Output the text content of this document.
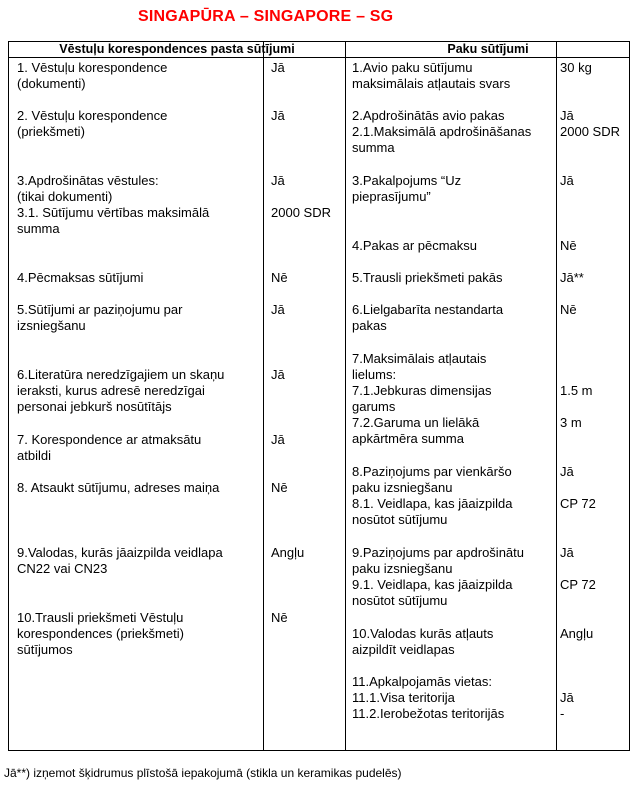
SINGAPŪRA – SINGAPORE – SG
Vēstuļu korespondences pasta sūtījumi	Paku sūtījumi
1. Vēstuļu korespondence
(dokumenti)
2. Vēstuļu korespondence
(priekšmeti)
3.Apdrošinātas vēstules:
(tikai dokumenti)
3.1. Sūtījumu vērtības maksimālā
summa
4.Pēcmaksas sūtījumi
5.Sūtījumi ar paziņojumu par
izsniegšanu
6.Literatūra neredzīgajiem un skaņu
ieraksti, kurus adresē neredzīgai
personai jebkurš nosūtītājs
7. Korespondence ar atmaksātu
atbildi
8. Atsaukt sūtījumu, adreses maiņa
9.Valodas, kurās jāaizpilda veidlapa
CN22 vai CN23
10.Trausli priekšmeti Vēstuļu
korespondences (priekšmeti)
sūtījumos
Jā
Jā
Jā
2000 SDR
Nē
Jā
Jā
Jā
Nē
Angļu
Nē
1.Avio paku sūtījumu
maksimālais atļautais svars
2.Apdrošinātās avio pakas
2.1.Maksimālā apdrošināšanas
summa
3.Pakalpojums “Uz
pieprasījumu”
4.Pakas ar pēcmaksu
5.Trausli priekšmeti pakās
6.Lielgabarīta nestandarta
pakas
7.Maksimālais atļautais
lielums:
7.1.Jebkuras dimensijas
garums
7.2.Garuma un lielākā
apkārtmēra summa
8.Paziņojums par vienkāršo
paku izsniegšanu
8.1. Veidlapa, kas jāaizpilda
nosūtot sūtījumu
9.Paziņojums par apdrošinātu
paku izsniegšanu
9.1. Veidlapa, kas jāaizpilda
nosūtot sūtījumu
10.Valodas kurās atļauts
aizpildīt veidlapas
11.Apkalpojamās vietas:
11.1.Visa teritorija
11.2.Ierobežotas teritorijās
30 kg
Jā
2000 SDR
Jā
Nē
Jā**
Nē

1.5 m

3 m
Jā

CP 72
Jā

CP 72
Angļu

Jā
-
Jā**) izņemot šķidrumus plīstošā iepakojumā (stikla un keramikas pudelēs)
